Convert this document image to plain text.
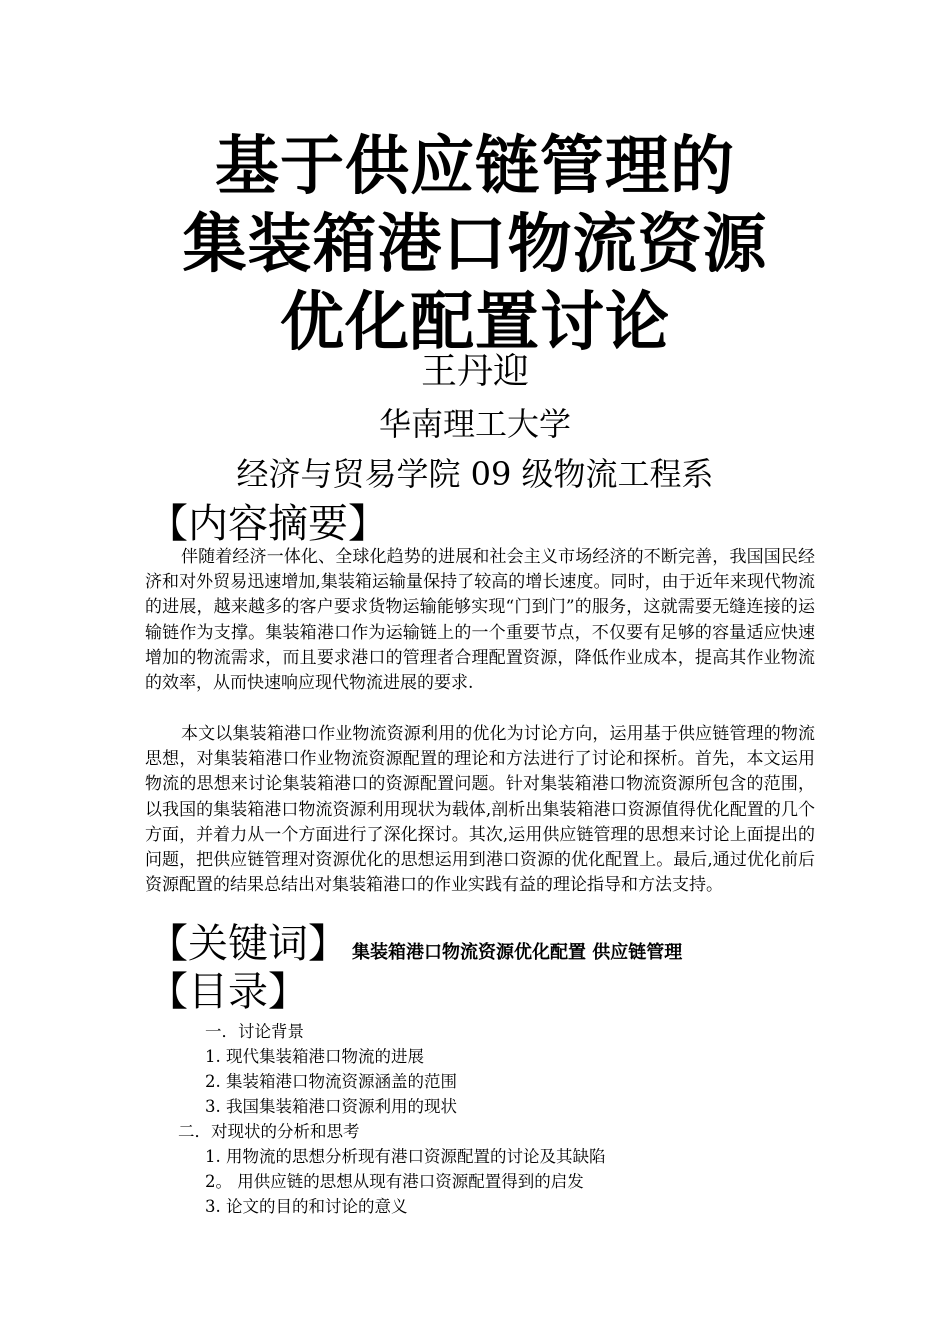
基于供应链管理的
集装箱港口物流资源
优化配置讨论
王丹迎
华南理工大学
经济与贸易学院 09 级物流工程系
【内容摘要】

伴随着经济一体化、全球化趋势的进展和社会主义市场经济的不断完善，我国国民经济和对外贸易迅速增加,集装箱运输量保持了较高的增长速度。同时，由于近年来现代物流的进展，越来越多的客户要求货物运输能够实现“门到门”的服务，这就需要无缝连接的运输链作为支撑。集装箱港口作为运输链上的一个重要节点，不仅要有足够的容量适应快速增加的物流需求，而且要求港口的管理者合理配置资源，降低作业成本，提高其作业物流的效率，从而快速响应现代物流进展的要求.

本文以集装箱港口作业物流资源利用的优化为讨论方向，运用基于供应链管理的物流思想，对集装箱港口作业物流资源配置的理论和方法进行了讨论和探析。首先，本文运用物流的思想来讨论集装箱港口的资源配置问题。针对集装箱港口物流资源所包含的范围，以我国的集装箱港口物流资源利用现状为载体,剖析出集装箱港口资源值得优化配置的几个方面，并着力从一个方面进行了深化探讨。其次,运用供应链管理的思想来讨论上面提出的问题，把供应链管理对资源优化的思想运用到港口资源的优化配置上。最后,通过优化前后资源配置的结果总结出对集装箱港口的作业实践有益的理论指导和方法支持。

【关键词】 集装箱港口物流资源优化配置 供应链管理
【目录】
一．讨论背景
1. 现代集装箱港口物流的进展
2. 集装箱港口物流资源涵盖的范围
3. 我国集装箱港口资源利用的现状
二．对现状的分析和思考
1. 用物流的思想分析现有港口资源配置的讨论及其缺陷
2。 用供应链的思想从现有港口资源配置得到的启发
3. 论文的目的和讨论的意义
